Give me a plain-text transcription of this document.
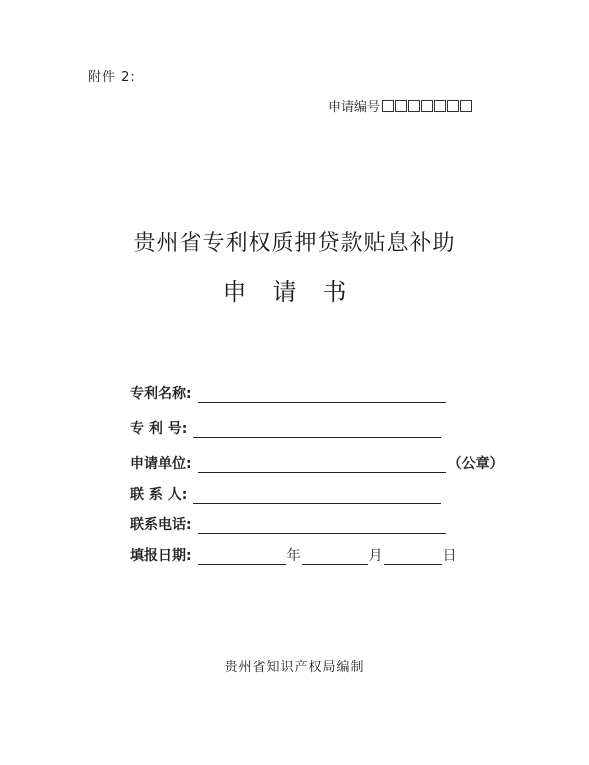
附件 2:
申请编号
贵州省专利权质押贷款贴息补助
申请书
专利名称:
专 利 号:
申请单位:	（公章）
联 系 人:
联系电话:
填报日期:	年	月	日
贵州省知识产权局编制
